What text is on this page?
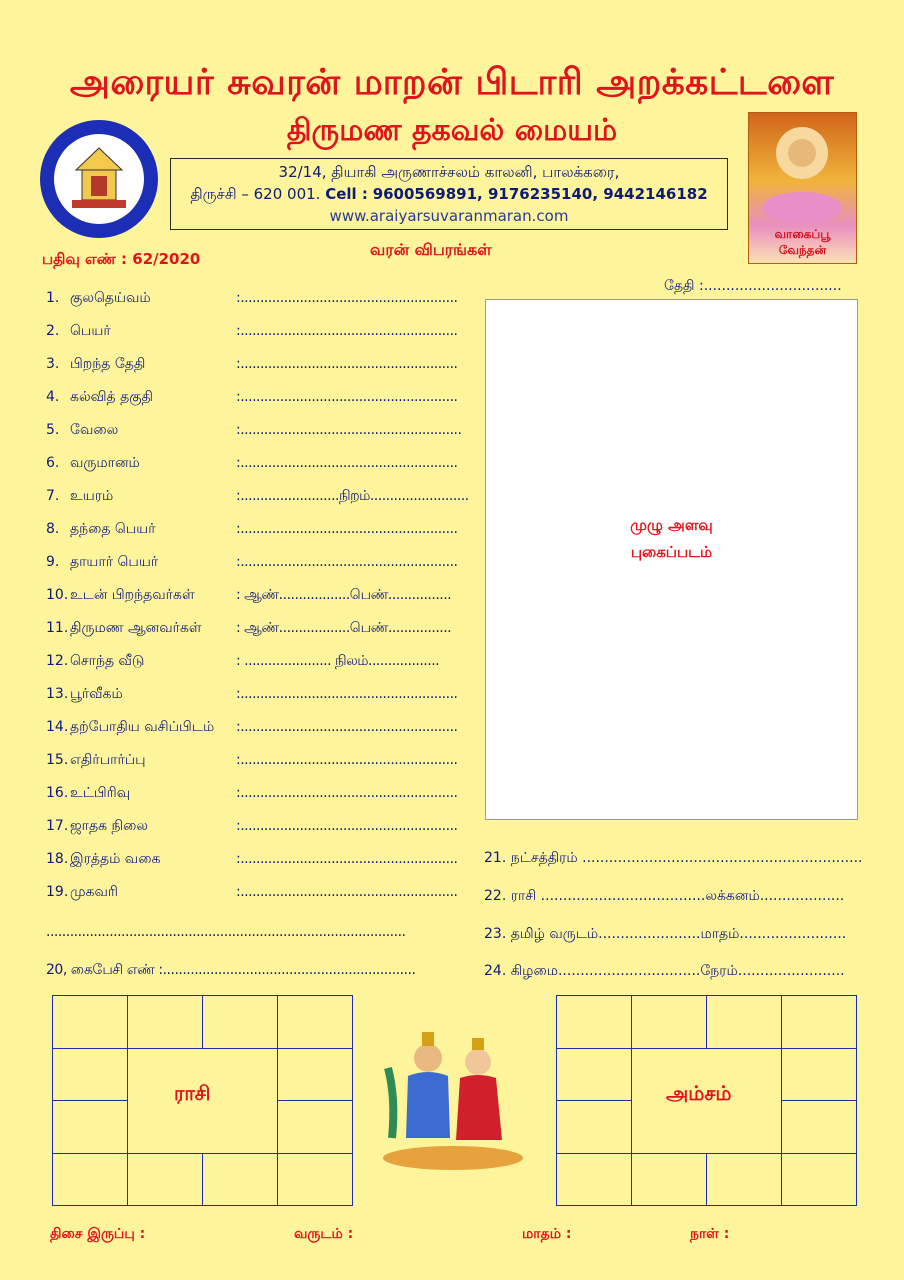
அரையர் சுவரன் மாறன் பிடாரி அறக்கட்டளை
திருமண தகவல் மையம்
32/14, தியாகி அருணாச்சலம் காலனி, பாலக்கரை,
திருச்சி – 620 001. Cell : 9600569891, 9176235140, 9442146182
www.araiyarsuvaranmaran.com
வாகைப்பூ வேந்தன்
பதிவு எண் : 62/2020	வரன் விபரங்கள்
தேதி :...............................
1. குலதெய்வம்	:.......................................................
2. பெயர்	:.......................................................
3. பிறந்த தேதி	:.......................................................
4. கல்வித் தகுதி	:.......................................................
5. வேலை	:........................................................
6. வருமானம்	:.......................................................
7. உயரம்	:.........................நிறம்.........................
8. தந்தை பெயர்	:.......................................................
9. தாயார் பெயர்	:.......................................................
10. உடன் பிறந்தவர்கள்	: ஆண்..................பெண்................
11. திருமண ஆனவர்கள் : ஆண்..................பெண்................
12. சொந்த வீடு	: ...................... நிலம்..................
13. பூர்வீகம்	:.......................................................
14. தற்போதிய வசிப்பிடம் :.......................................................
15. எதிர்பார்ப்பு	:.......................................................
16. உட்பிரிவு	:.......................................................
17. ஜாதக நிலை	:.......................................................
18. இரத்தம் வகை	:.......................................................
19. முகவரி	:.......................................................
...........................................................................................
20, கைபேசி எண் :................................................................
முழு அளவு
புகைப்படம்
21. நட்சத்திரம் ...............................................................
22. ராசி .....................................லக்கனம்...................
23. தமிழ் வருடம்.......................மாதம்........................
24. கிழமை................................நேரம்........................
ராசி	அம்சம்
திசை இருப்பு :	வருடம் :	மாதம் :	நாள் :
